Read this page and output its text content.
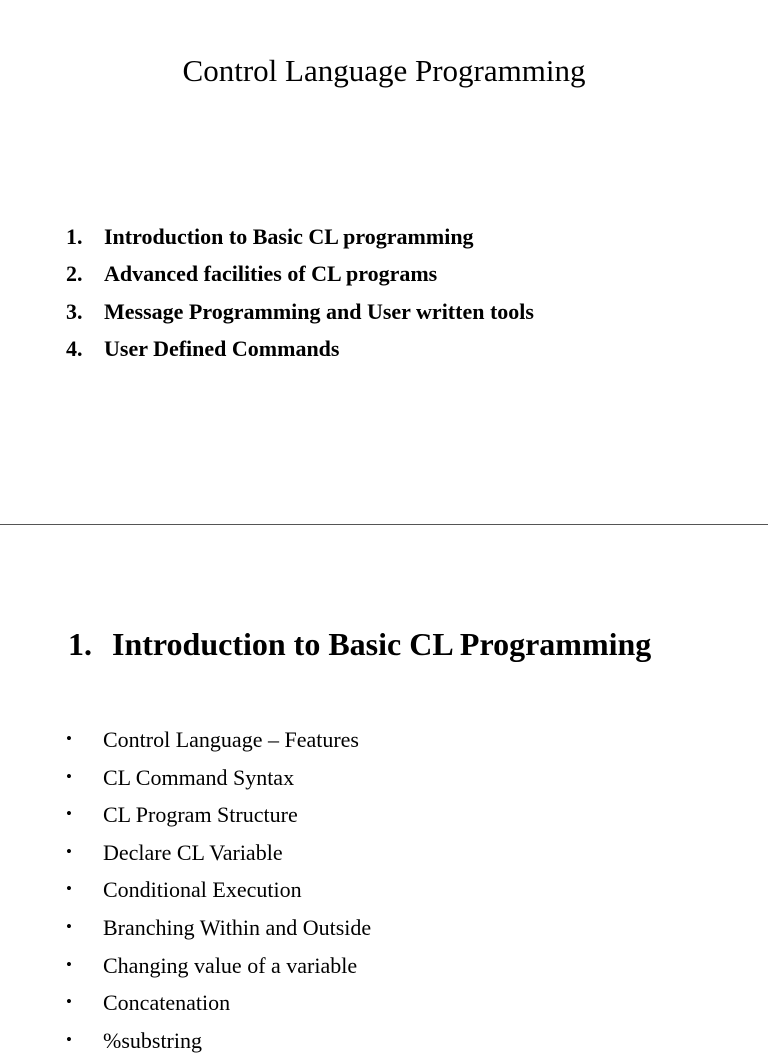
Control Language Programming
1. Introduction to Basic CL programming
2. Advanced facilities of CL programs
3. Message Programming and User written tools
4. User Defined Commands
1. Introduction to Basic CL Programming
• Control Language – Features
• CL Command Syntax
• CL Program Structure
• Declare CL Variable
• Conditional Execution
• Branching Within and Outside
• Changing value of a variable
• Concatenation
• %substring
